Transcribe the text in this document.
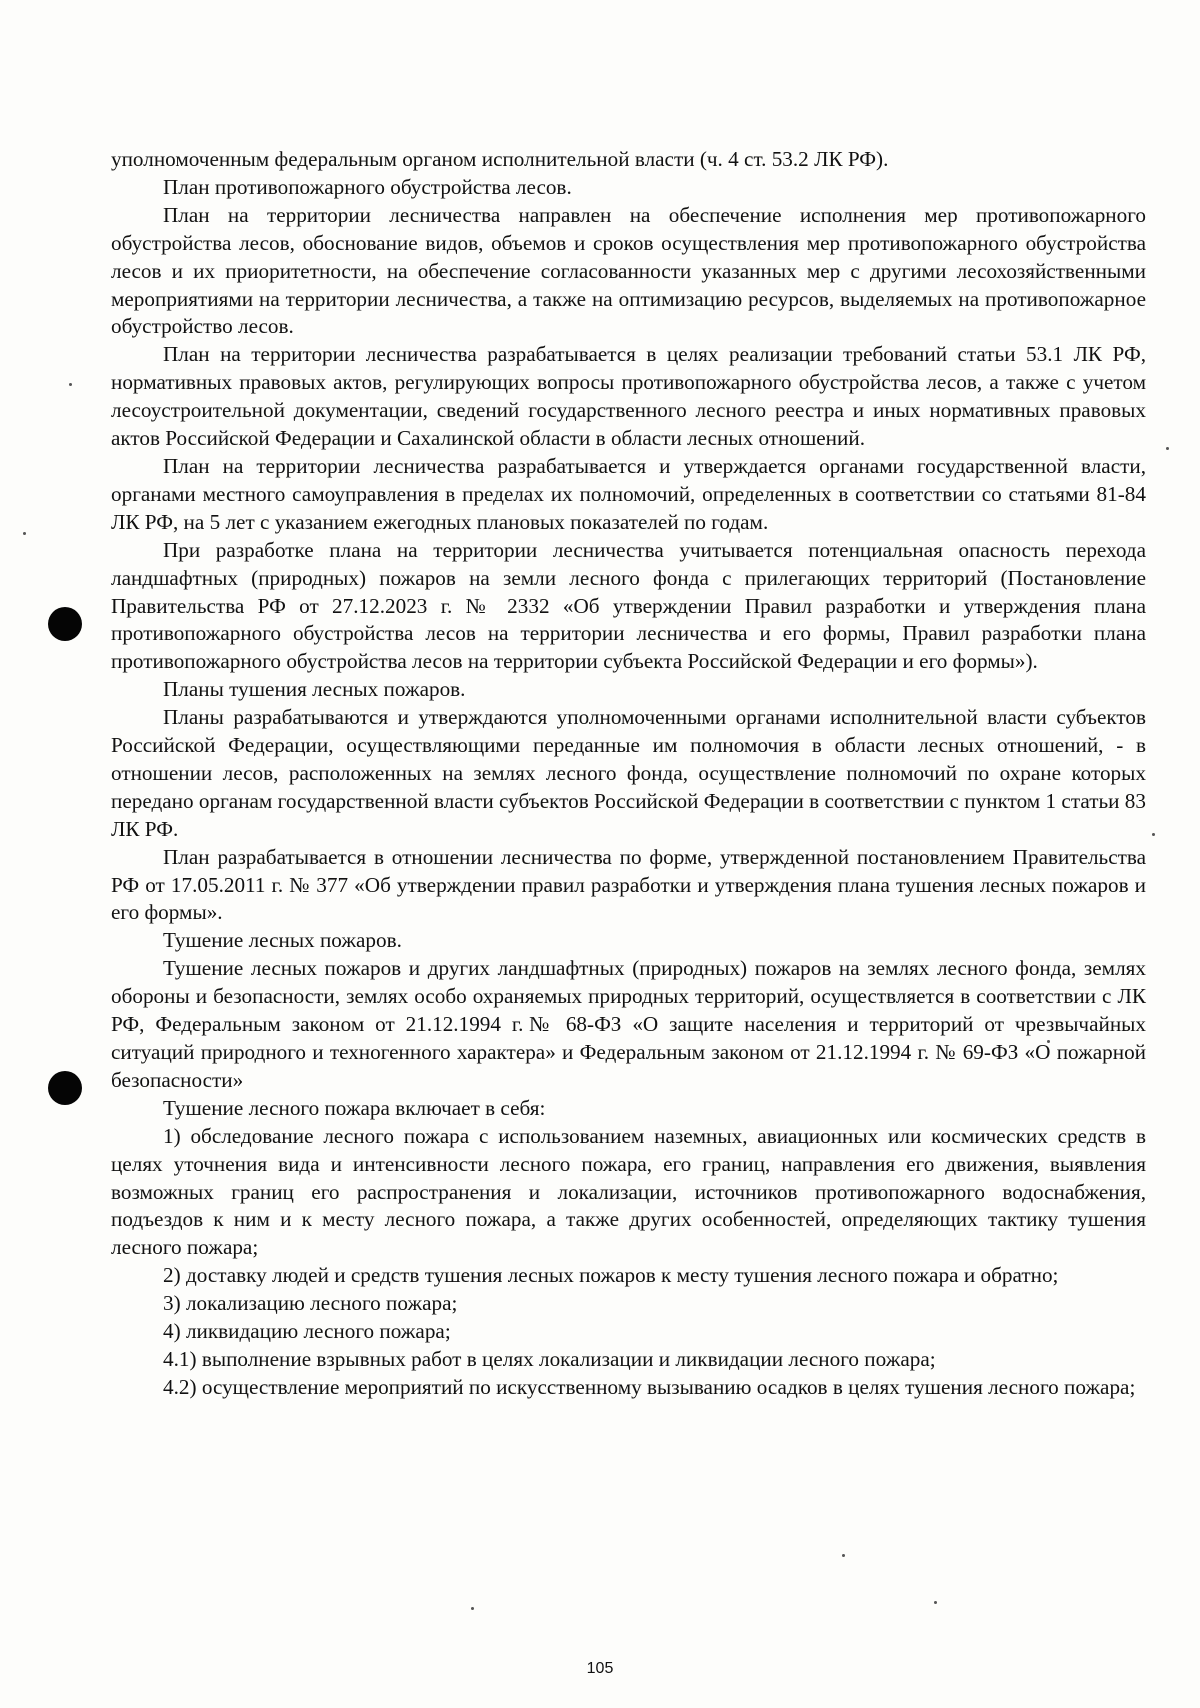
уполномоченным федеральным органом исполнительной власти (ч. 4 ст. 53.2 ЛК РФ).

План противопожарного обустройства лесов.

План на территории лесничества направлен на обеспечение исполнения мер противопожарного обустройства лесов, обоснование видов, объемов и сроков осуществления мер противопожарного обустройства лесов и их приоритетности, на обеспечение согласованности указанных мер с другими лесохозяйственными мероприятиями на территории лесничества, а также на оптимизацию ресурсов, выделяемых на противопожарное обустройство лесов.

План на территории лесничества разрабатывается в целях реализации требований статьи 53.1 ЛК РФ, нормативных правовых актов, регулирующих вопросы противопожарного обустройства лесов, а также с учетом лесоустроительной документации, сведений государственного лесного реестра и иных нормативных правовых актов Российской Федерации и Сахалинской области в области лесных отношений.

План на территории лесничества разрабатывается и утверждается органами государственной власти, органами местного самоуправления в пределах их полномочий, определенных в соответствии со статьями 81-84 ЛК РФ, на 5 лет с указанием ежегодных плановых показателей по годам.

При разработке плана на территории лесничества учитывается потенциальная опасность перехода ландшафтных (природных) пожаров на земли лесного фонда с прилегающих территорий (Постановление Правительства РФ от 27.12.2023 г. № 2332 «Об утверждении Правил разработки и утверждения плана противопожарного обустройства лесов на территории лесничества и его формы, Правил разработки плана противопожарного обустройства лесов на территории субъекта Российской Федерации и его формы»).

Планы тушения лесных пожаров.

Планы разрабатываются и утверждаются уполномоченными органами исполнительной власти субъектов Российской Федерации, осуществляющими переданные им полномочия в области лесных отношений, - в отношении лесов, расположенных на землях лесного фонда, осуществление полномочий по охране которых передано органам государственной власти субъектов Российской Федерации в соответствии с пунктом 1 статьи 83 ЛК РФ.

План разрабатывается в отношении лесничества по форме, утвержденной постановлением Правительства РФ от 17.05.2011 г. № 377 «Об утверждении правил разработки и утверждения плана тушения лесных пожаров и его формы».

Тушение лесных пожаров.

Тушение лесных пожаров и других ландшафтных (природных) пожаров на землях лесного фонда, землях обороны и безопасности, землях особо охраняемых природных территорий, осуществляется в соответствии с ЛК РФ, Федеральным законом от 21.12.1994 г.№ 68-ФЗ «О защите населения и территорий от чрезвычайных ситуаций природного и техногенного характера» и Федеральным законом от 21.12.1994 г. № 69-ФЗ «О пожарной безопасности»

Тушение лесного пожара включает в себя:

1) обследование лесного пожара с использованием наземных, авиационных или космических средств в целях уточнения вида и интенсивности лесного пожара, его границ, направления его движения, выявления возможных границ его распространения и локализации, источников противопожарного водоснабжения, подъездов к ним и к месту лесного пожара, а также других особенностей, определяющих тактику тушения лесного пожара;

2) доставку людей и средств тушения лесных пожаров к месту тушения лесного пожара и обратно;

3) локализацию лесного пожара;

4) ликвидацию лесного пожара;

4.1) выполнение взрывных работ в целях локализации и ликвидации лесного пожара;

4.2) осуществление мероприятий по искусственному вызыванию осадков в целях тушения лесного пожара;

105
